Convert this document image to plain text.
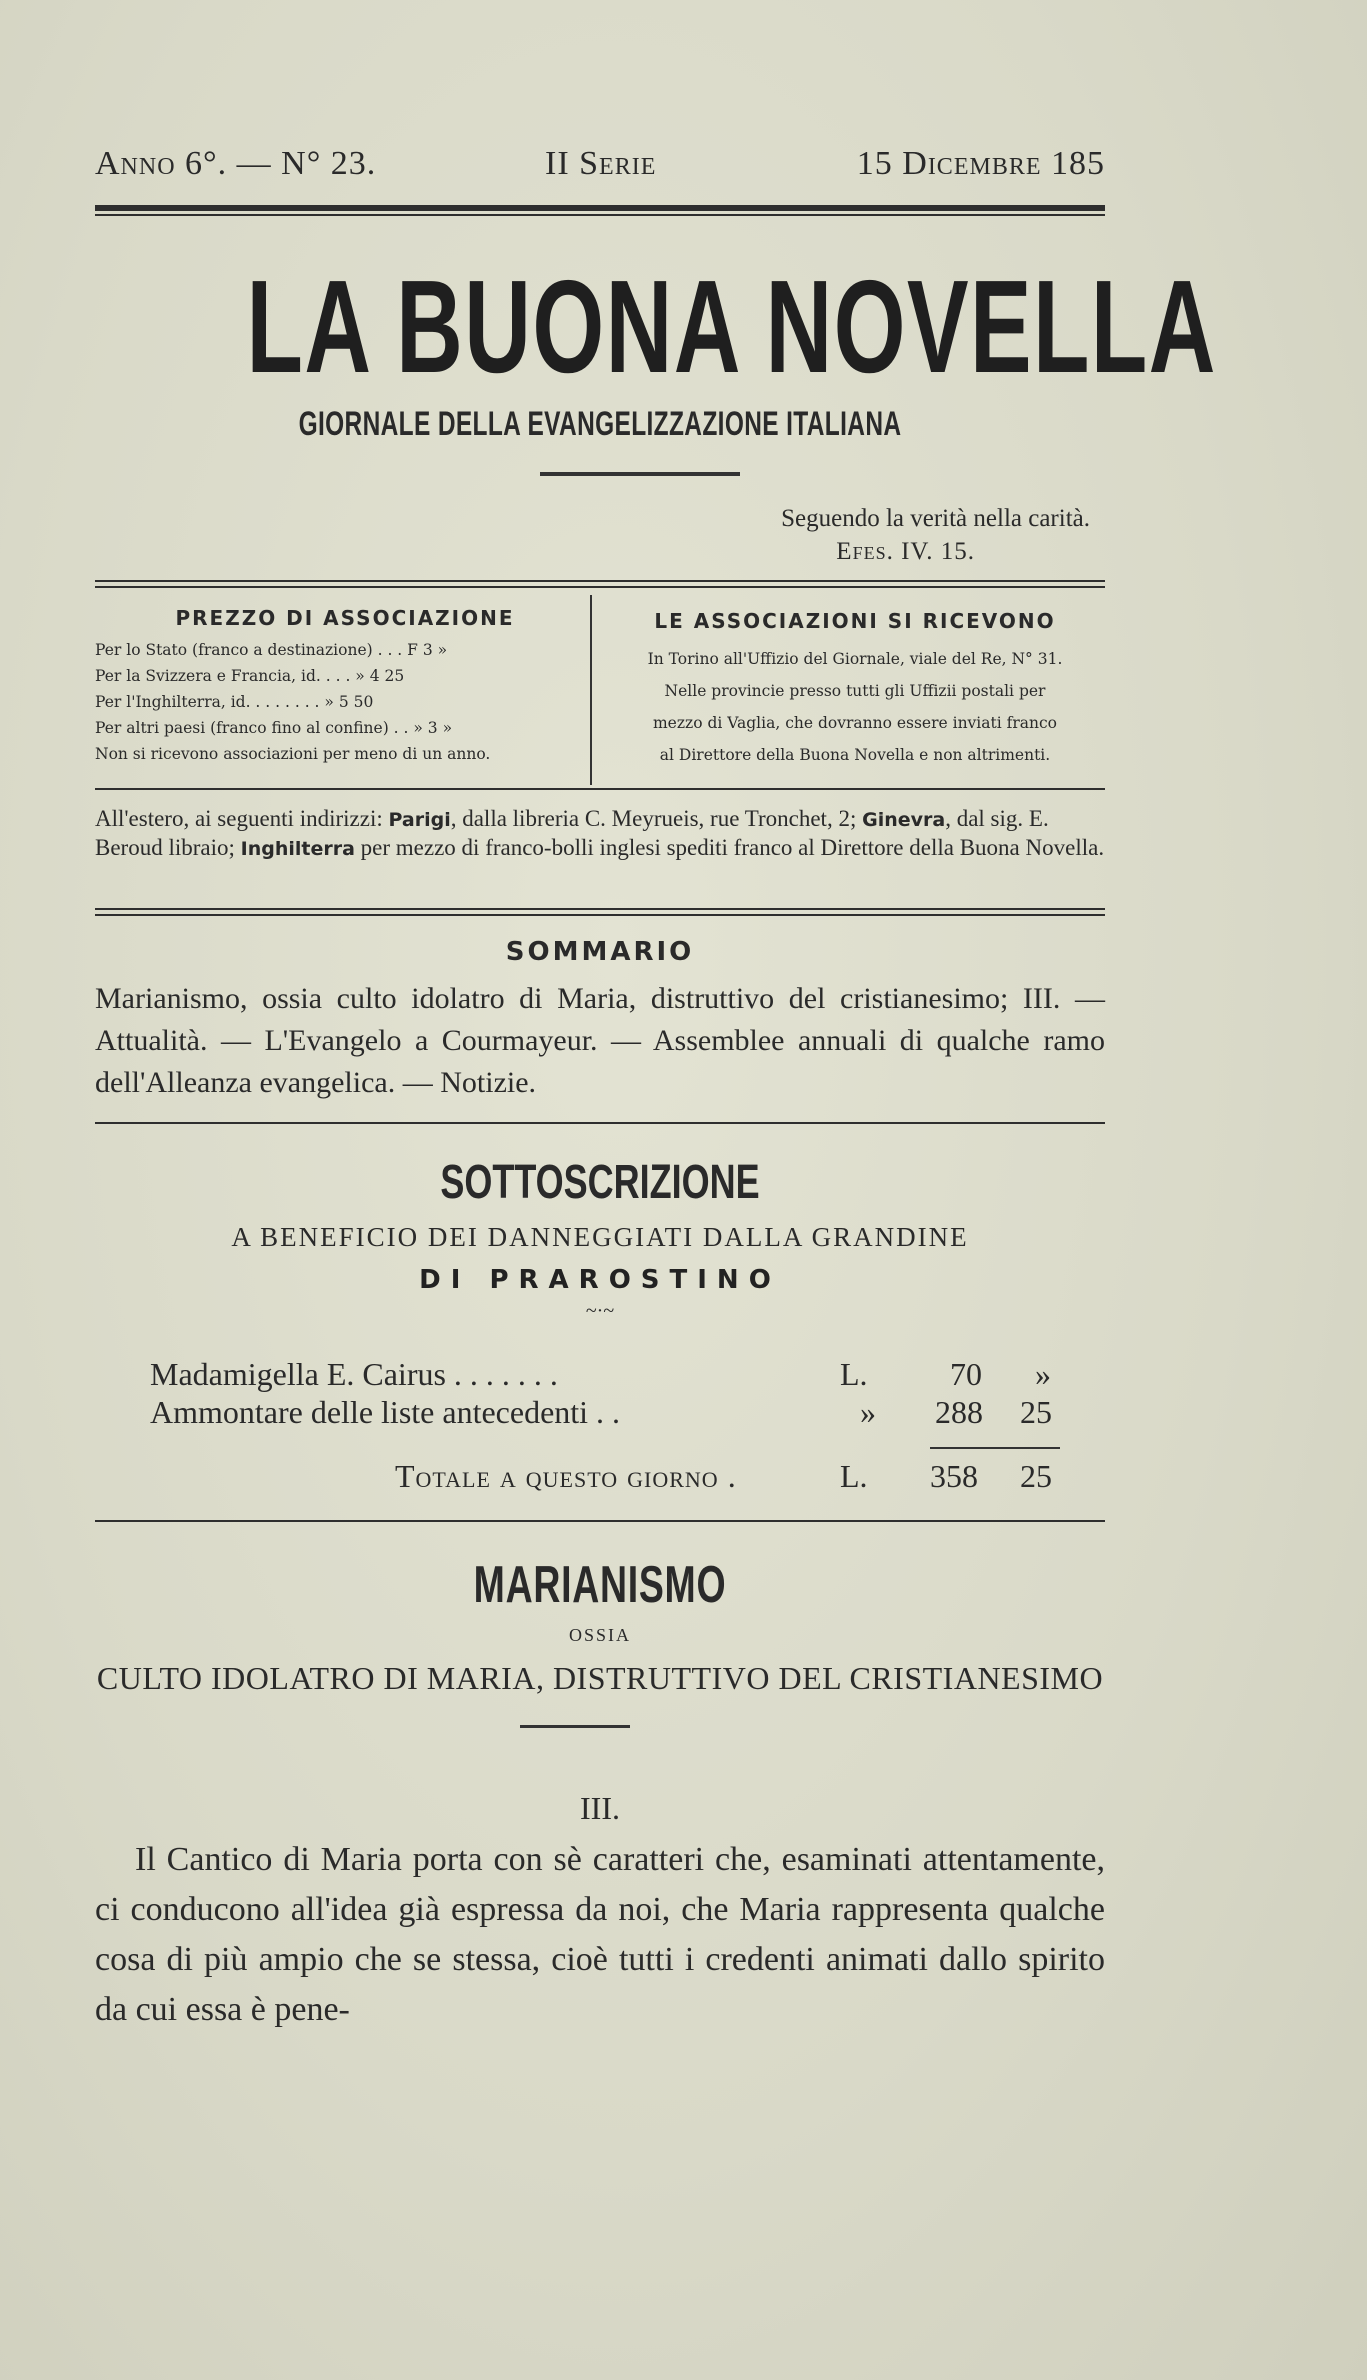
Anno 6°. — N° 23.	II Serie	15 Dicembre 185
LA BUONA NOVELLA
GIORNALE DELLA EVANGELIZZAZIONE ITALIANA
Seguendo la verità nella carità.
Efes. IV. 15.
PREZZO DI ASSOCIAZIONE
Per lo Stato (franco a destinazione) . . . F 3 »
Per la Svizzera e Francia, id. . . . » 4 25
Per l'Inghilterra, id. . . . . . . . » 5 50
Per altri paesi (franco fino al confine) . . » 3 »
Non si ricevono associazioni per meno di un anno.
LE ASSOCIAZIONI SI RICEVONO
In Torino all'Uffizio del Giornale, viale del Re, N° 31.
Nelle provincie presso tutti gli Uffizii postali per
mezzo di Vaglia, che dovranno essere inviati franco
al Direttore della Buona Novella e non altrimenti.
All'estero, ai seguenti indirizzi: Parigi, dalla libreria C. Meyrueis, rue Tronchet, 2; Ginevra, dal sig. E. Beroud libraio; Inghilterra per mezzo di franco-bolli inglesi spediti franco al Direttore della Buona Novella.
SOMMARIO
Marianismo, ossia culto idolatro di Maria, distruttivo del cristianesimo; III. — Attualità. — L'Evangelo a Courmayeur. — Assemblee annuali di qualche ramo dell'Alleanza evangelica. — Notizie.
SOTTOSCRIZIONE
A BENEFICIO DEI DANNEGGIATI DALLA GRANDINE
DI PRAROSTINO
~·~
Madamigella E. Cairus . . . . . . .	L.	70 »
Ammontare delle liste antecedenti . .	» 288 25
Totale a questo giorno .	L. 358 25
MARIANISMO
OSSIA
CULTO IDOLATRO DI MARIA, DISTRUTTIVO DEL CRISTIANESIMO
III.
Il Cantico di Maria porta con sè caratteri che, esaminati attentamente, ci conducono all'idea già espressa da noi, che Maria rappresenta qualche cosa di più ampio che se stessa, cioè tutti i credenti animati dallo spirito da cui essa è pene-
